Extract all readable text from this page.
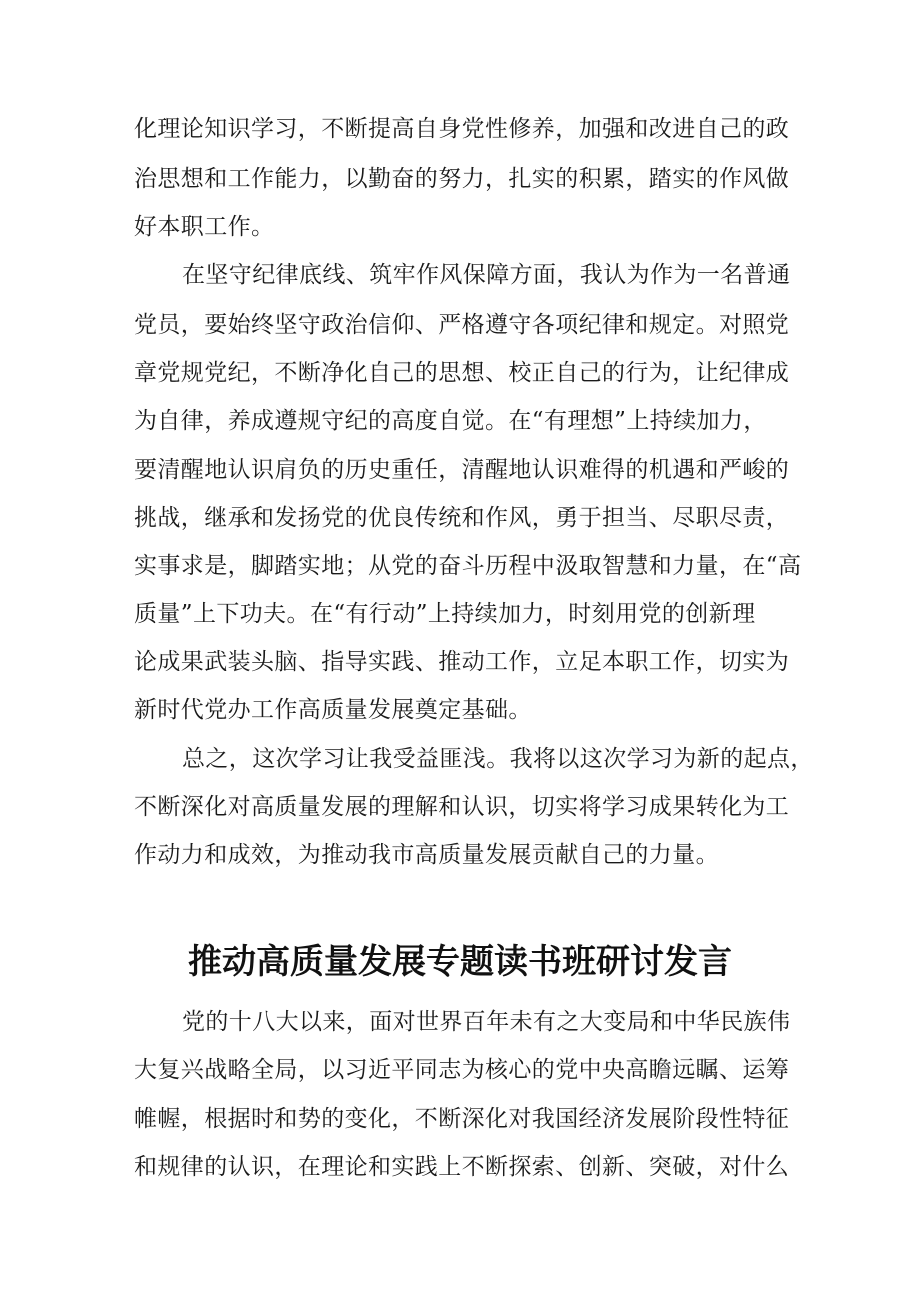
化理论知识学习，不断提高自身党性修养，加强和改进自己的政
治思想和工作能力，以勤奋的努力，扎实的积累，踏实的作风做
好本职工作。
在坚守纪律底线、筑牢作风保障方面，我认为作为一名普通
党员，要始终坚守政治信仰、严格遵守各项纪律和规定。对照党
章党规党纪，不断净化自己的思想、校正自己的行为，让纪律成
为自律，养成遵规守纪的高度自觉。在“有理想”上持续加力，
要清醒地认识肩负的历史重任，清醒地认识难得的机遇和严峻的
挑战，继承和发扬党的优良传统和作风，勇于担当、尽职尽责，
实事求是，脚踏实地；从党的奋斗历程中汲取智慧和力量，在“高
质量”上下功夫。在“有行动”上持续加力，时刻用党的创新理
论成果武装头脑、指导实践、推动工作，立足本职工作，切实为
新时代党办工作高质量发展奠定基础。
总之，这次学习让我受益匪浅。我将以这次学习为新的起点，
不断深化对高质量发展的理解和认识，切实将学习成果转化为工
作动力和成效，为推动我市高质量发展贡献自己的力量。
推动高质量发展专题读书班研讨发言
党的十八大以来，面对世界百年未有之大变局和中华民族伟
大复兴战略全局，以习近平同志为核心的党中央高瞻远瞩、运筹
帷幄，根据时和势的变化，不断深化对我国经济发展阶段性特征
和规律的认识，在理论和实践上不断探索、创新、突破，对什么
